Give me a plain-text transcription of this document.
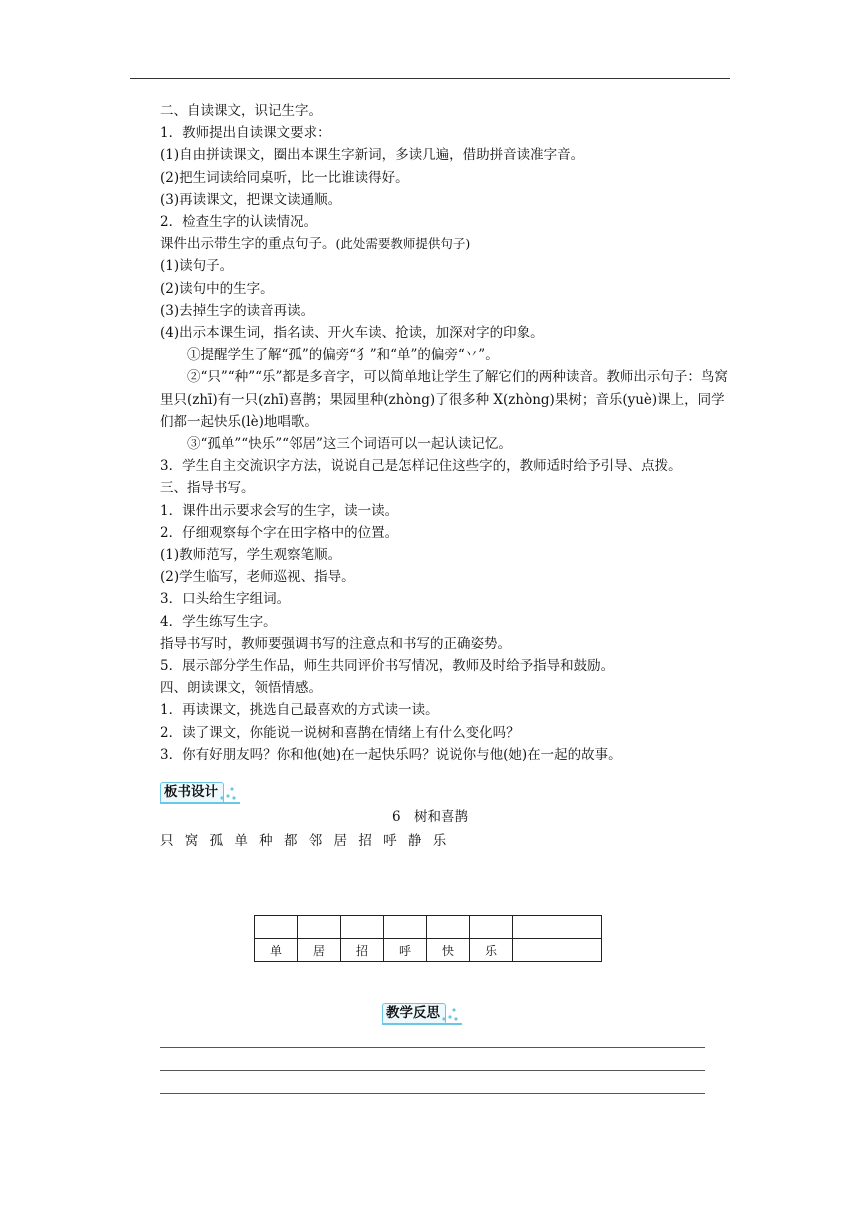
二、自读课文，识记生字。
1．教师提出自读课文要求：
(1)自由拼读课文，圈出本课生字新词，多读几遍，借助拼音读准字音。
(2)把生词读给同桌听，比一比谁读得好。
(3)再读课文，把课文读通顺。
2．检查生字的认读情况。
课件出示带生字的重点句子。(此处需要教师提供句子)
(1)读句子。
(2)读句中的生字。
(3)去掉生字的读音再读。
(4)出示本课生词，指名读、开火车读、抢读，加深对字的印象。
①提醒学生了解“孤”的偏旁“犭”和“单”的偏旁“丷”。
②“只”“种”“乐”都是多音字，可以简单地让学生了解它们的两种读音。教师出示句子：鸟窝里只(zhī)有一只(zhī)喜鹊；果园里种(zhòng)了很多种 X(zhòng)果树；音乐(yuè)课上，同学们都一起快乐(lè)地唱歌。
③“孤单”“快乐”“邻居”这三个词语可以一起认读记忆。
3．学生自主交流识字方法，说说自己是怎样记住这些字的，教师适时给予引导、点拨。
三、指导书写。
1．课件出示要求会写的生字，读一读。
2．仔细观察每个字在田字格中的位置。
(1)教师范写，学生观察笔顺。
(2)学生临写，老师巡视、指导。
3．口头给生字组词。
4．学生练写生字。
指导书写时，教师要强调书写的注意点和书写的正确姿势。
5．展示部分学生作品，师生共同评价书写情况，教师及时给予指导和鼓励。
四、朗读课文，领悟情感。
1．再读课文，挑选自己最喜欢的方式读一读。
2．读了课文，你能说一说树和喜鹊在情绪上有什么变化吗？
3．你有好朋友吗？你和他(她)在一起快乐吗？说说你与他(她)在一起的故事。
板书设计
6　树和喜鹊
只 窝 孤 单 种 都 邻 居 招 呼 静 乐

单	居	招	呼	快	乐	
教学反思
